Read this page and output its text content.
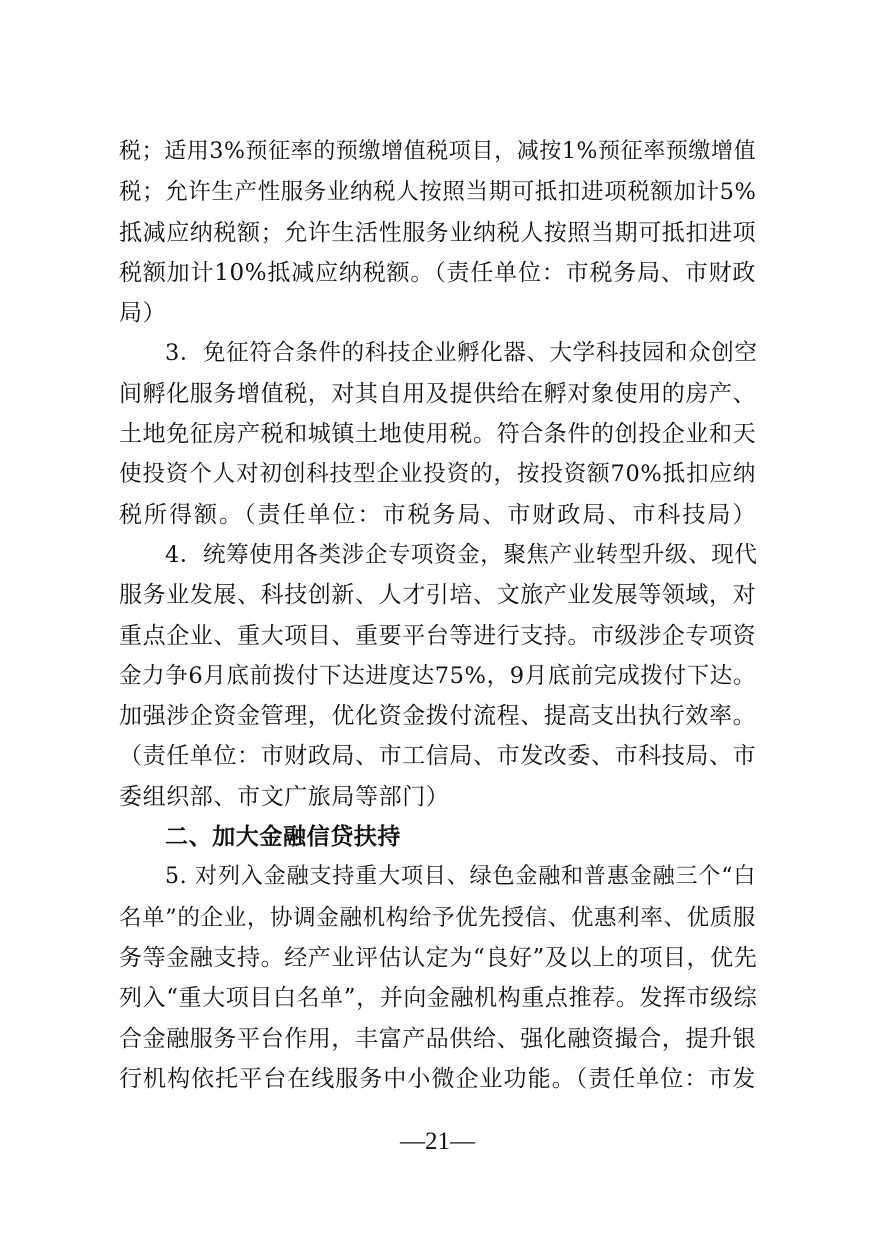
税；适用3%预征率的预缴增值税项目，减按1%预征率预缴增值
税；允许生产性服务业纳税人按照当期可抵扣进项税额加计5%
抵减应纳税额；允许生活性服务业纳税人按照当期可抵扣进项
税额加计10%抵减应纳税额。（责任单位：市税务局、市财政
局）
3．免征符合条件的科技企业孵化器、大学科技园和众创空
间孵化服务增值税，对其自用及提供给在孵对象使用的房产、
土地免征房产税和城镇土地使用税。符合条件的创投企业和天
使投资个人对初创科技型企业投资的，按投资额70%抵扣应纳
税所得额。（责任单位：市税务局、市财政局、市科技局）
4．统筹使用各类涉企专项资金，聚焦产业转型升级、现代
服务业发展、科技创新、人才引培、文旅产业发展等领域，对
重点企业、重大项目、重要平台等进行支持。市级涉企专项资
金力争6月底前拨付下达进度达75%，9月底前完成拨付下达。
加强涉企资金管理，优化资金拨付流程、提高支出执行效率。
（责任单位：市财政局、市工信局、市发改委、市科技局、市
委组织部、市文广旅局等部门）
二、加大金融信贷扶持
5. 对列入金融支持重大项目、绿色金融和普惠金融三个“白
名单”的企业，协调金融机构给予优先授信、优惠利率、优质服
务等金融支持。经产业评估认定为“良好”及以上的项目，优先
列入“重大项目白名单”，并向金融机构重点推荐。发挥市级综
合金融服务平台作用，丰富产品供给、强化融资撮合，提升银
行机构依托平台在线服务中小微企业功能。（责任单位：市发
—21—
